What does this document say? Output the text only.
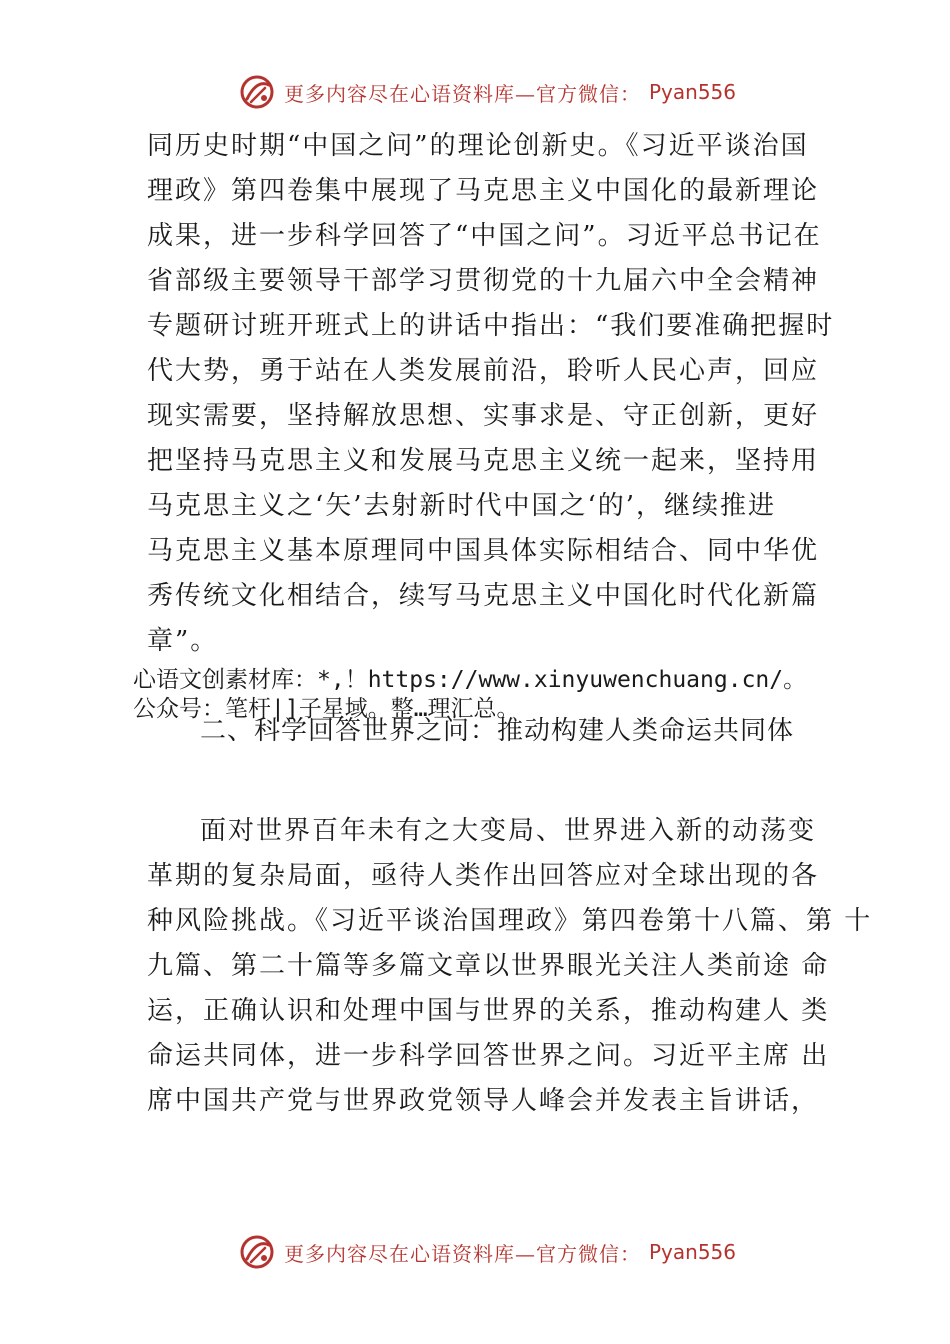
更多内容尽在心语资料库—官方微信： Pyan556
同历史时期“中国之问”的理论创新史。《习近平谈治国
理政》第四卷集中展现了马克思主义中国化的最新理论
成果，进一步科学回答了“中国之问”。习近平总书记在
省部级主要领导干部学习贯彻党的十九届六中全会精神
专题研讨班开班式上的讲话中指出：“我们要准确把握时
代大势，勇于站在人类发展前沿，聆听人民心声，回应
现实需要，坚持解放思想、实事求是、守正创新，更好
把坚持马克思主义和发展马克思主义统一起来，坚持用
马克思主义之‘矢’去射新时代中国之‘的’，继续推进
马克思主义基本原理同中国具体实际相结合、同中华优
秀传统文化相结合，续写马克思主义中国化时代化新篇
章”。
心语文创素材库：*,！https://www.xinyuwenchuang.cn/。
公众号：笔杆|]子星域。整…理汇总。
二、科学回答世界之问：推动构建人类命运共同体
面对世界百年未有之大变局、世界进入新的动荡变
革期的复杂局面，亟待人类作出回答应对全球出现的各
种风险挑战。《习近平谈治国理政》第四卷第十八篇、第 十
九篇、第二十篇等多篇文章以世界眼光关注人类前途 命
运，正确认识和处理中国与世界的关系，推动构建人 类
命运共同体，进一步科学回答世界之问。习近平主席 出
席中国共产党与世界政党领导人峰会并发表主旨讲话，
更多内容尽在心语资料库—官方微信： Pyan556
